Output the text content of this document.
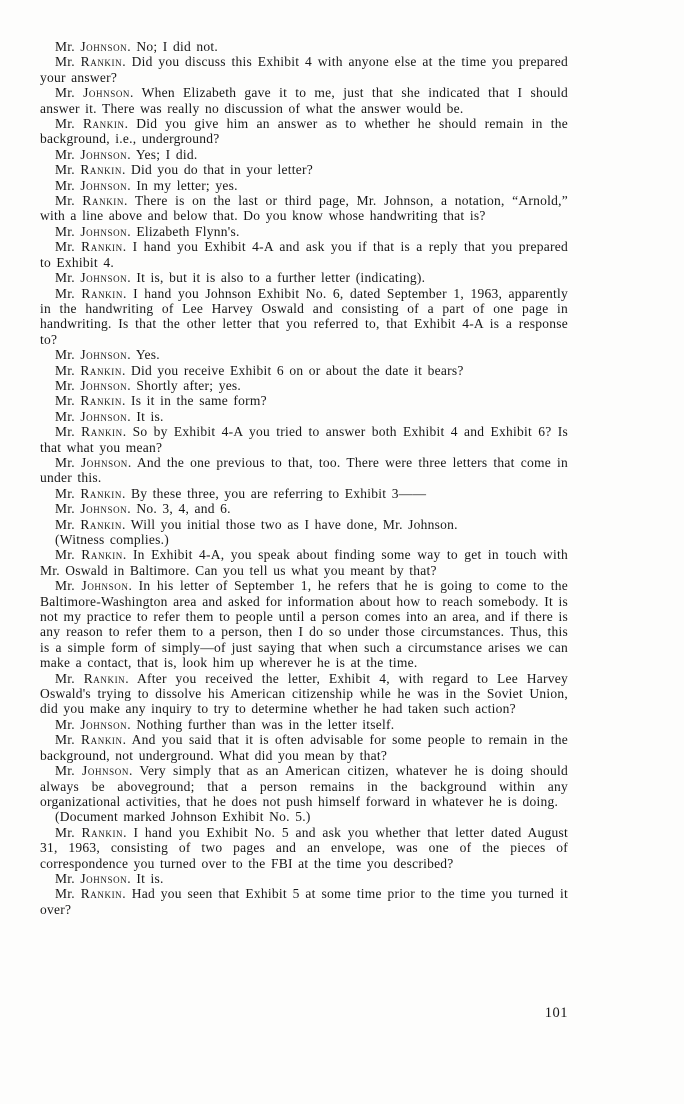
Mr. Johnson. No; I did not.

Mr. Rankin. Did you discuss this Exhibit 4 with anyone else at the time you prepared your answer?

Mr. Johnson. When Elizabeth gave it to me, just that she indicated that I should answer it. There was really no discussion of what the answer would be.

Mr. Rankin. Did you give him an answer as to whether he should remain in the background, i.e., underground?

Mr. Johnson. Yes; I did.

Mr. Rankin. Did you do that in your letter?

Mr. Johnson. In my letter; yes.

Mr. Rankin. There is on the last or third page, Mr. Johnson, a notation, “Arnold,” with a line above and below that. Do you know whose handwriting that is?

Mr. Johnson. Elizabeth Flynn's.

Mr. Rankin. I hand you Exhibit 4-A and ask you if that is a reply that you prepared to Exhibit 4.

Mr. Johnson. It is, but it is also to a further letter (indicating).

Mr. Rankin. I hand you Johnson Exhibit No. 6, dated September 1, 1963, apparently in the handwriting of Lee Harvey Oswald and consisting of a part of one page in handwriting. Is that the other letter that you referred to, that Exhibit 4-A is a response to?

Mr. Johnson. Yes.

Mr. Rankin. Did you receive Exhibit 6 on or about the date it bears?

Mr. Johnson. Shortly after; yes.

Mr. Rankin. Is it in the same form?

Mr. Johnson. It is.

Mr. Rankin. So by Exhibit 4-A you tried to answer both Exhibit 4 and Exhibit 6? Is that what you mean?

Mr. Johnson. And the one previous to that, too. There were three letters that come in under this.

Mr. Rankin. By these three, you are referring to Exhibit 3——

Mr. Johnson. No. 3, 4, and 6.

Mr. Rankin. Will you initial those two as I have done, Mr. Johnson.

(Witness complies.)

Mr. Rankin. In Exhibit 4-A, you speak about finding some way to get in touch with Mr. Oswald in Baltimore. Can you tell us what you meant by that?

Mr. Johnson. In his letter of September 1, he refers that he is going to come to the Baltimore-Washington area and asked for information about how to reach somebody. It is not my practice to refer them to people until a person comes into an area, and if there is any reason to refer them to a person, then I do so under those circumstances. Thus, this is a simple form of simply—of just saying that when such a circumstance arises we can make a contact, that is, look him up wherever he is at the time.

Mr. Rankin. After you received the letter, Exhibit 4, with regard to Lee Harvey Oswald's trying to dissolve his American citizenship while he was in the Soviet Union, did you make any inquiry to try to determine whether he had taken such action?

Mr. Johnson. Nothing further than was in the letter itself.

Mr. Rankin. And you said that it is often advisable for some people to remain in the background, not underground. What did you mean by that?

Mr. Johnson. Very simply that as an American citizen, whatever he is doing should always be aboveground; that a person remains in the background within any organizational activities, that he does not push himself forward in whatever he is doing.

(Document marked Johnson Exhibit No. 5.)

Mr. Rankin. I hand you Exhibit No. 5 and ask you whether that letter dated August 31, 1963, consisting of two pages and an envelope, was one of the pieces of correspondence you turned over to the FBI at the time you described?

Mr. Johnson. It is.

Mr. Rankin. Had you seen that Exhibit 5 at some time prior to the time you turned it over?

101
